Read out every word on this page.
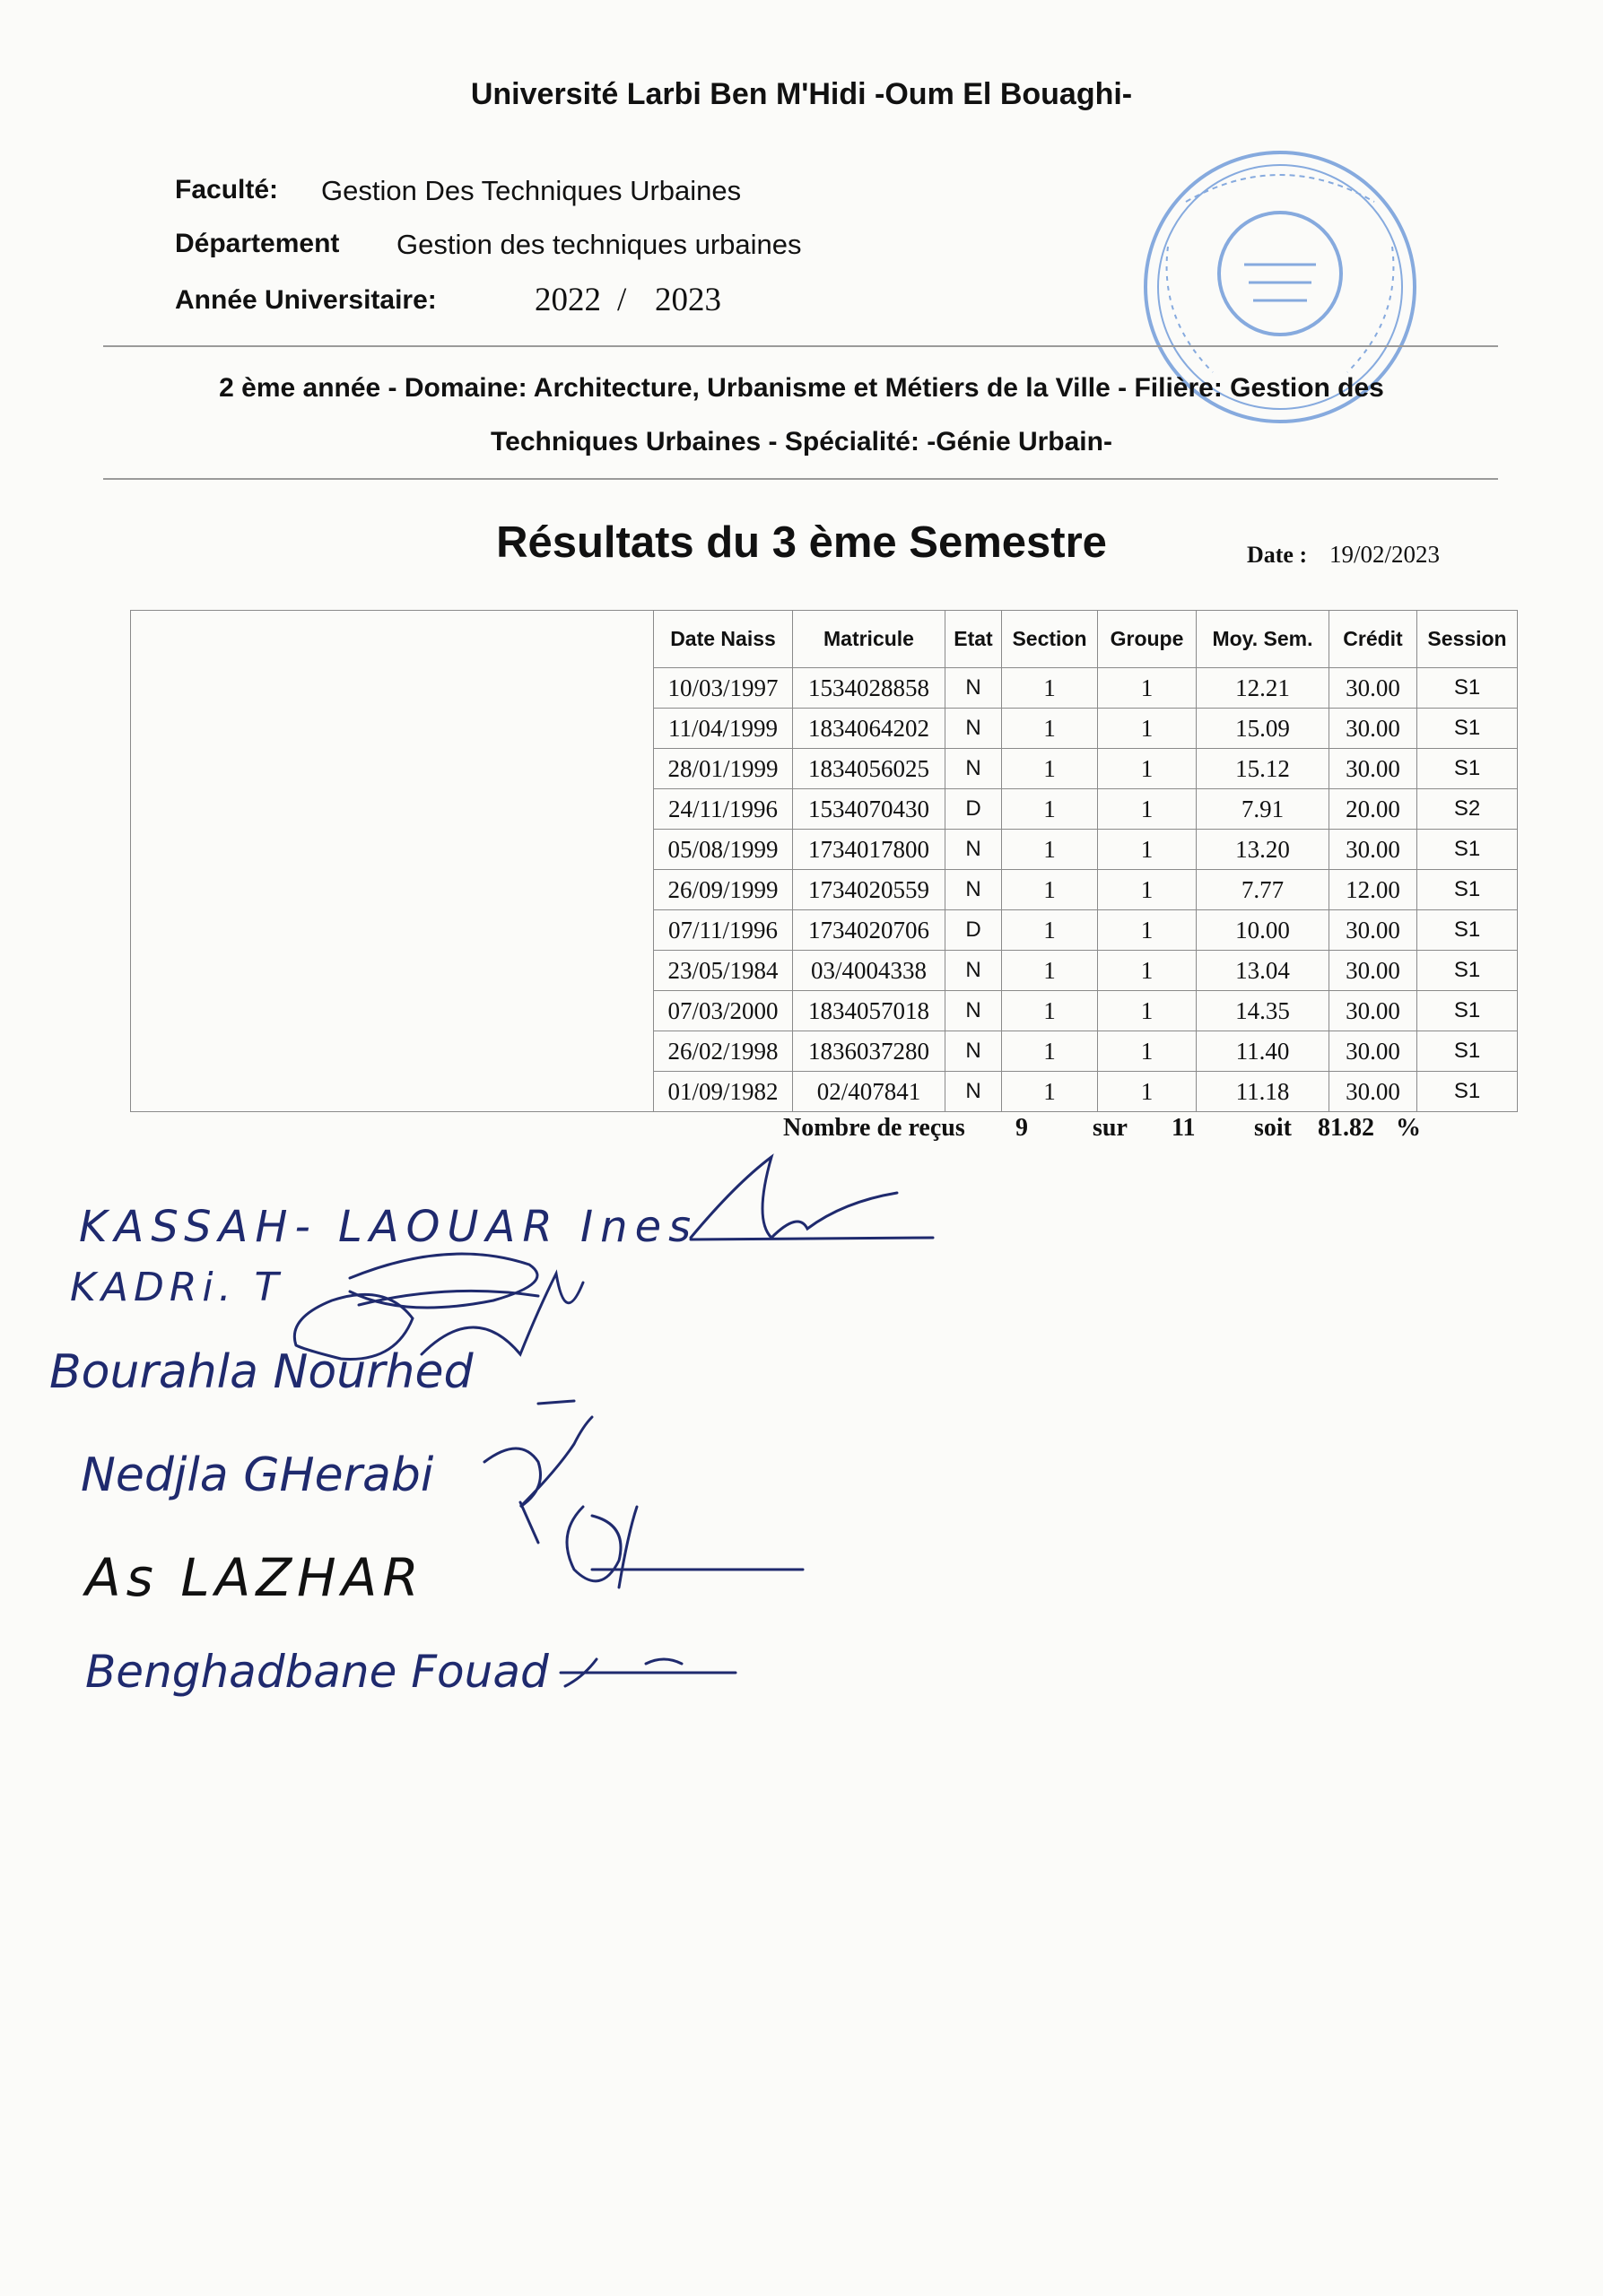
Université Larbi Ben M'Hidi -Oum El Bouaghi-
Faculté: Gestion Des Techniques Urbaines
Département Gestion des techniques urbaines
Année Universitaire:	2022 / 2023
2 ème année - Domaine: Architecture, Urbanisme et Métiers de la Ville - Filière: Gestion des
Techniques Urbaines - Spécialité: -Génie Urbain-
Résultats du 3 ème Semestre	Date : 19/02/2023
	Date Naiss	Matricule	Etat	Section	Groupe	Moy. Sem.	Crédit	Session
	10/03/1997	1534028858	N	1	1	12.21	30.00	S1
	11/04/1999	1834064202	N	1	1	15.09	30.00	S1
	28/01/1999	1834056025	N	1	1	15.12	30.00	S1
	24/11/1996	1534070430	D	1	1	7.91	20.00	S2
	05/08/1999	1734017800	N	1	1	13.20	30.00	S1
	26/09/1999	1734020559	N	1	1	7.77	12.00	S1
	07/11/1996	1734020706	D	1	1	10.00	30.00	S1
	23/05/1984	03/4004338	N	1	1	13.04	30.00	S1
	07/03/2000	1834057018	N	1	1	14.35	30.00	S1
	26/02/1998	1836037280	N	1	1	11.40	30.00	S1
	01/09/1982	02/407841	N	1	1	11.18	30.00	S1
Nombre de reçus 9	sur 11 soit 81.82 %
KASSAH- LAOUAR Ines
KADRi. T
Bourahla Nourhed
Nedjla GHerabi
As LAZHAR
Benghadbane Fouad
